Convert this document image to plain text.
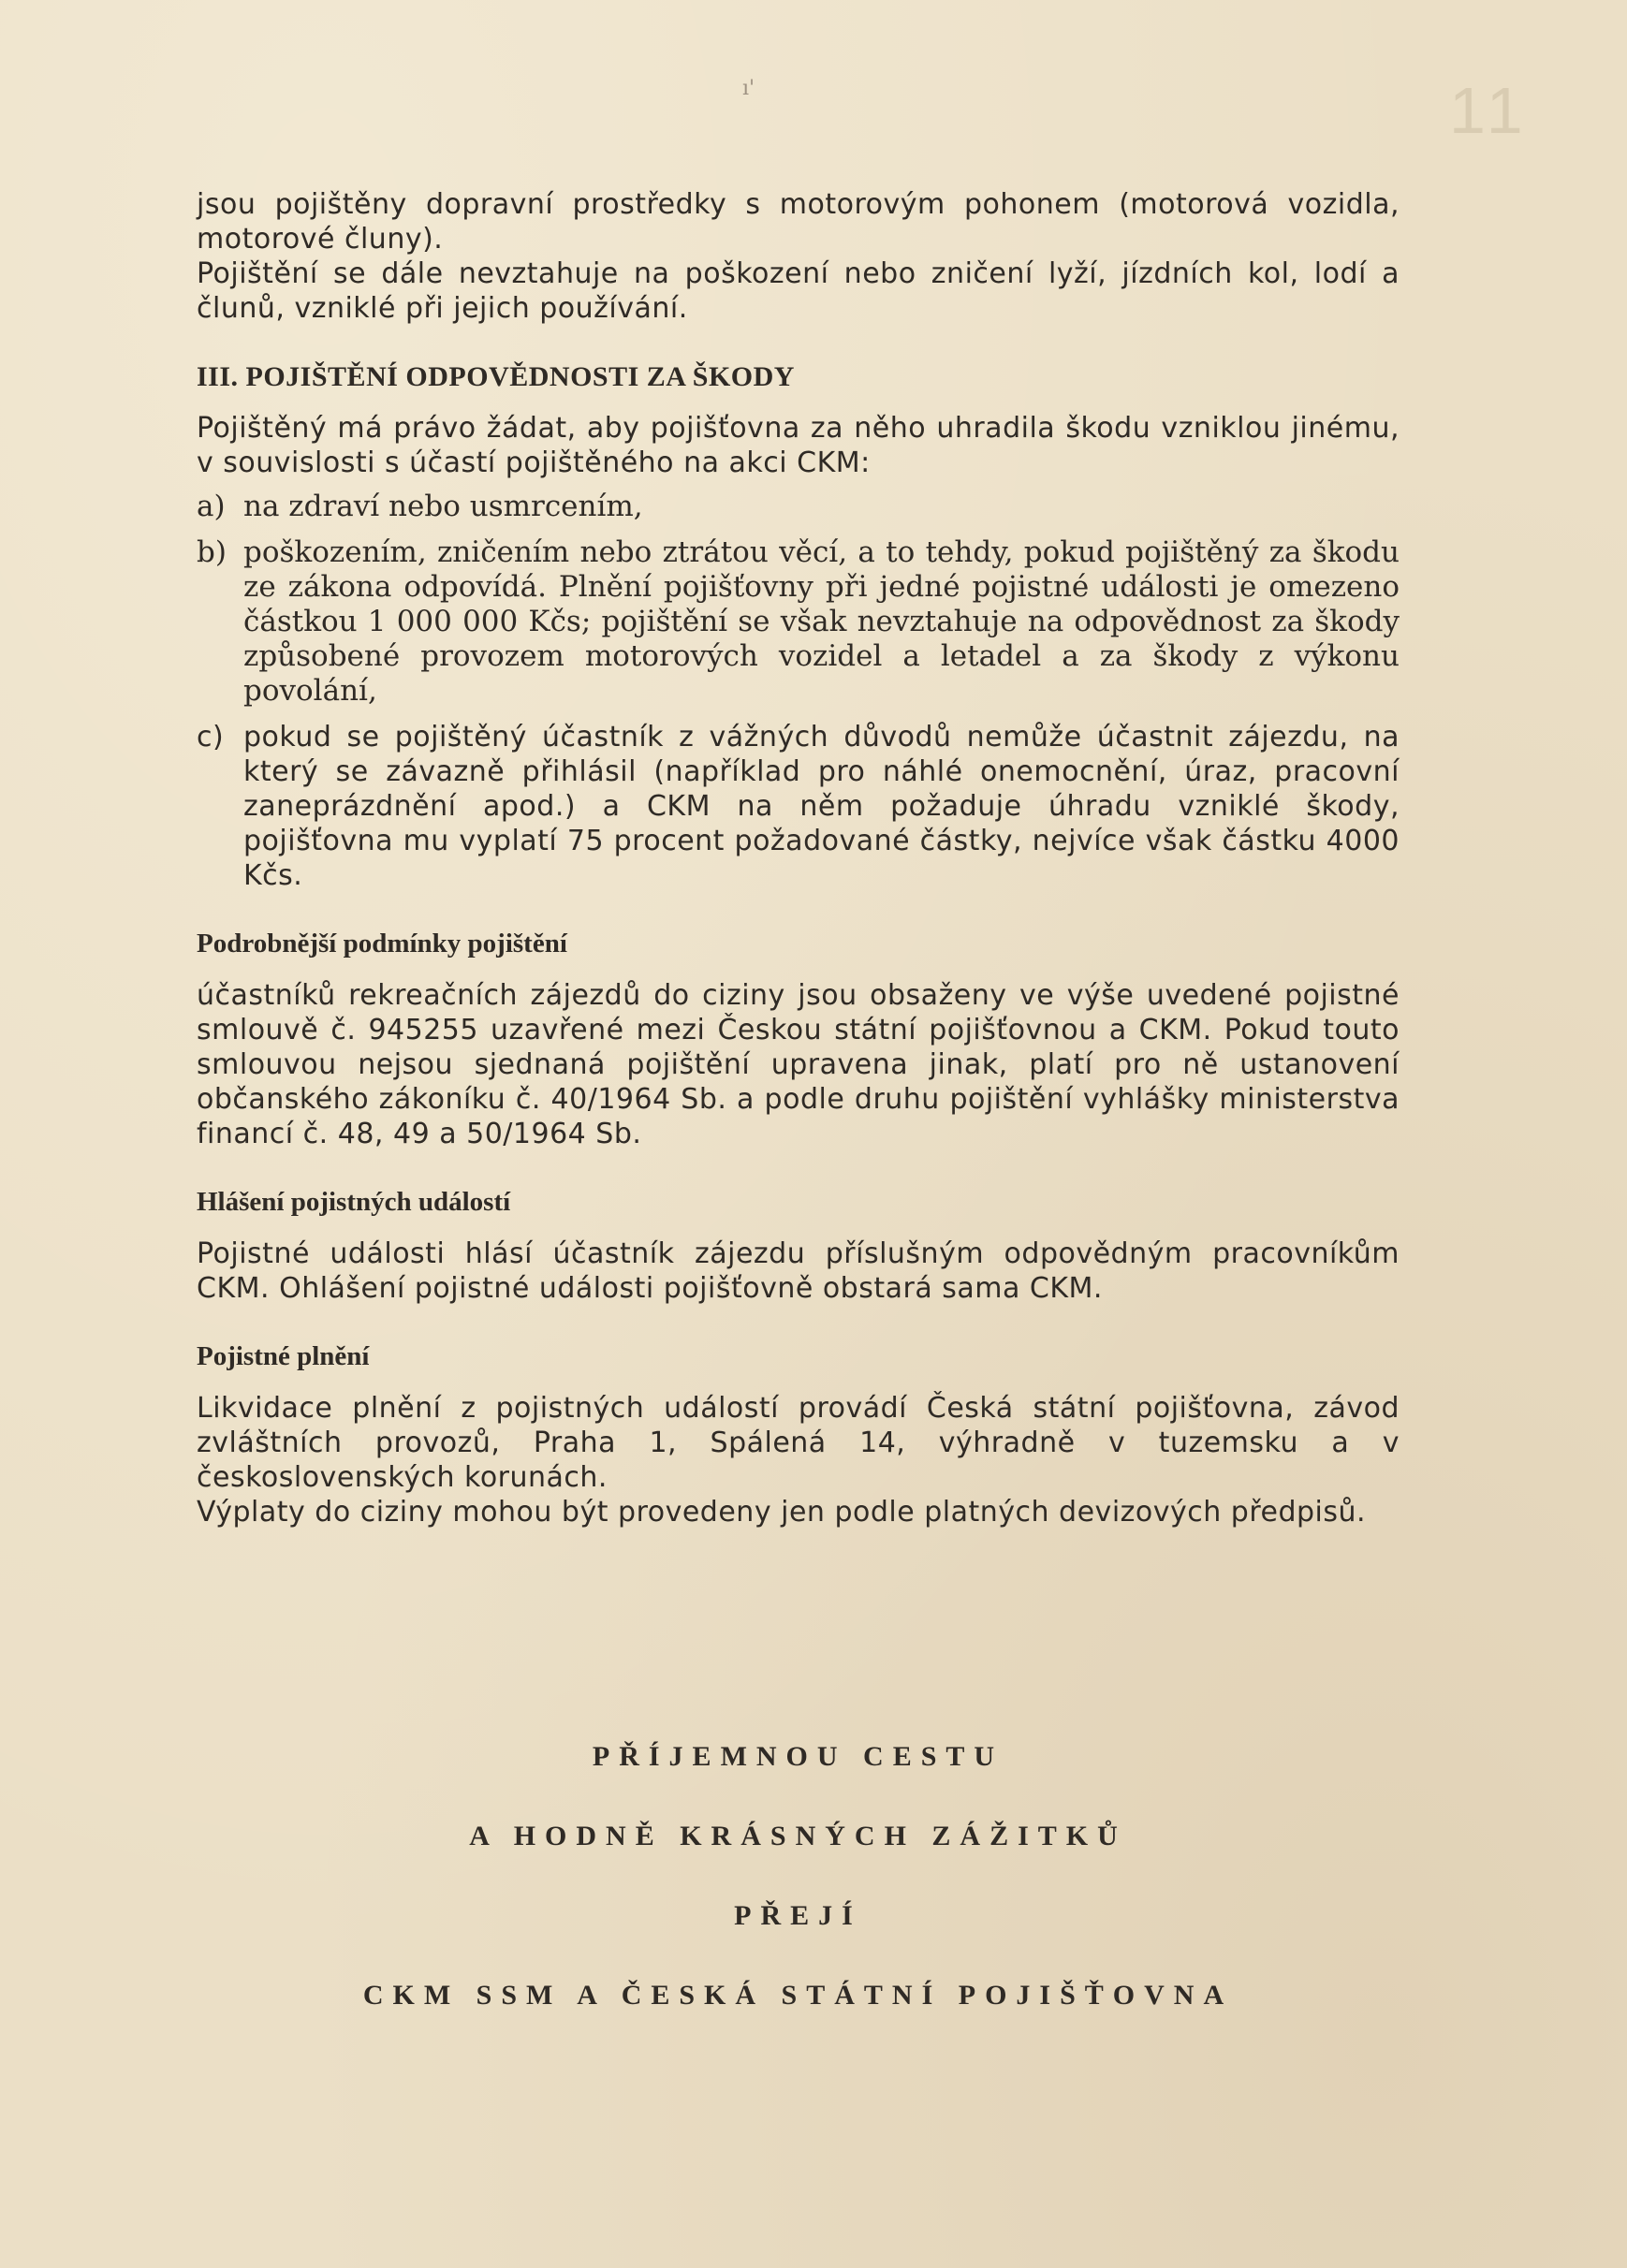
11
ı'

jsou pojištěny dopravní prostředky s motorovým pohonem (motorová vozidla, motorové čluny).

Pojištění se dále nevztahuje na poškození nebo zničení lyží, jízdních kol, lodí a člunů, vzniklé při jejich používání.

III. POJIŠTĚNÍ ODPOVĚDNOSTI ZA ŠKODY

Pojištěný má právo žádat, aby pojišťovna za něho uhradila škodu vzniklou jinému, v souvislosti s účastí pojištěného na akci CKM:

a) na zdraví nebo usmrcením,
b) poškozením, zničením nebo ztrátou věcí, a to tehdy, pokud pojištěný za škodu ze zákona odpovídá. Plnění pojišťovny při jedné pojistné události je omezeno částkou 1 000 000 Kčs; pojištění se však nevztahuje na odpovědnost za škody způsobené provozem motorových vozidel a letadel a za škody z výkonu povolání,
c) pokud se pojištěný účastník z vážných důvodů nemůže účastnit zájezdu, na který se závazně přihlásil (například pro náhlé onemocnění, úraz, pracovní zaneprázdnění apod.) a CKM na něm požaduje úhradu vzniklé škody, pojišťovna mu vyplatí 75 procent požadované částky, nejvíce však částku 4000 Kčs.
Podrobnější podmínky pojištění

účastníků rekreačních zájezdů do ciziny jsou obsaženy ve výše uvedené pojistné smlouvě č. 945255 uzavřené mezi Českou státní pojišťovnou a CKM. Pokud touto smlouvou nejsou sjednaná pojištění upravena jinak, platí pro ně ustanovení občanského zákoníku č. 40/1964 Sb. a podle druhu pojištění vyhlášky ministerstva financí č. 48, 49 a 50/1964 Sb.

Hlášení pojistných událostí

Pojistné události hlásí účastník zájezdu příslušným odpovědným pracovníkům CKM. Ohlášení pojistné události pojišťovně obstará sama CKM.

Pojistné plnění

Likvidace plnění z pojistných událostí provádí Česká státní pojišťovna, závod zvláštních provozů, Praha 1, Spálená 14, výhradně v tuzemsku a v československých korunách.

Výplaty do ciziny mohou být provedeny jen podle platných devizových předpisů.

PŘÍJEMNOU CESTU
A HODNĚ KRÁSNÝCH ZÁŽITKŮ
PŘEJÍ
CKM SSM A ČESKÁ STÁTNÍ POJIŠŤOVNA
